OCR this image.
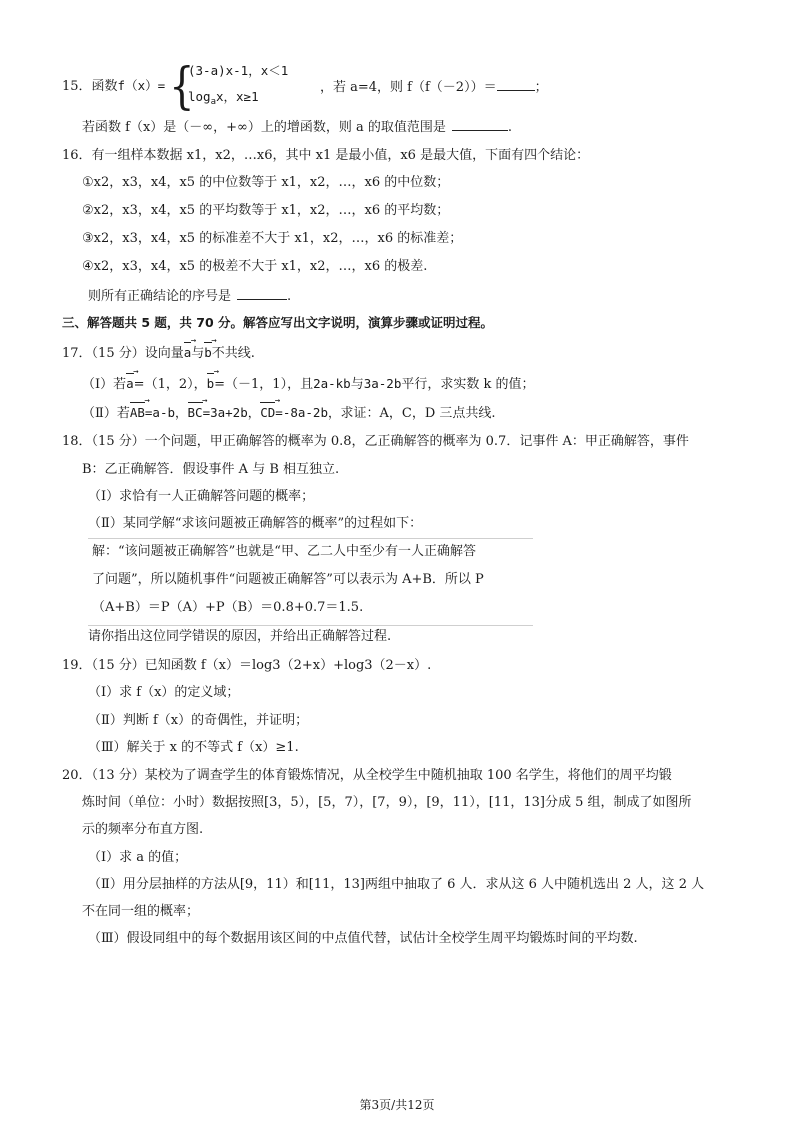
15．函数f（x）= {
(3-a)x-1，x＜1
$\log_ax$，x≥1
，若 a=4，则 f（f（－2））＝	；
若函数 f（x）是（－∞，+∞）上的增函数，则 a 的取值范围是	.
16．有一组样本数据 x1，x2，…x6，其中 x1 是最小值，x6 是最大值，下面有四个结论：
①x2，x3，x4，x5 的中位数等于 x1，x2，…，x6 的中位数；
②x2，x3，x4，x5 的平均数等于 x1，x2，…，x6 的平均数；
③x2，x3，x4，x5 的标准差不大于 x1，x2，…，x6 的标准差；
④x2，x3，x4，x5 的极差不大于 x1，x2，…，x6 的极差.
则所有正确结论的序号是	.
三、解答题共 5 题，共 70 分。解答应写出文字说明，演算步骤或证明过程。
17．（15 分）设向量a →与b →不共线.
（Ⅰ）若a →=（1，2），b →=（－1，1），且2a-kb与3a-2b平行，求实数 k 的值；
（Ⅱ）若AB →=a-b，BC →=3a+2b，CD →=-8a-2b，求证：A，C，D 三点共线.
18．（15 分）一个问题，甲正确解答的概率为 0.8，乙正确解答的概率为 0.7．记事件 A：甲正确解答，事件
B：乙正确解答．假设事件 A 与 B 相互独立.
（Ⅰ）求恰有一人正确解答问题的概率；
（Ⅱ）某同学解“求该问题被正确解答的概率”的过程如下：
解：“该问题被正确解答”也就是“甲、乙二人中至少有一人正确解答
了问题”，所以随机事件“问题被正确解答”可以表示为 A+B．所以 P
（A+B）＝P（A）+P（B）＝0.8+0.7＝1.5.
请你指出这位同学错误的原因，并给出正确解答过程.
19．（15 分）已知函数 f（x）＝log3（2+x）+log3（2－x）.
（Ⅰ）求 f（x）的定义域；
（Ⅱ）判断 f（x）的奇偶性，并证明；
（Ⅲ）解关于 x 的不等式 f（x）≥1.
20．（13 分）某校为了调查学生的体育锻炼情况，从全校学生中随机抽取 100 名学生，将他们的周平均锻
炼时间（单位：小时）数据按照[3，5），[5，7），[7，9），[9，11），[11，13]分成 5 组，制成了如图所
示的频率分布直方图.
（Ⅰ）求 a 的值；
（Ⅱ）用分层抽样的方法从[9，11）和[11，13]两组中抽取了 6 人．求从这 6 人中随机选出 2 人，这 2 人
不在同一组的概率；
（Ⅲ）假设同组中的每个数据用该区间的中点值代替，试估计全校学生周平均锻炼时间的平均数.
第3页/共12页
